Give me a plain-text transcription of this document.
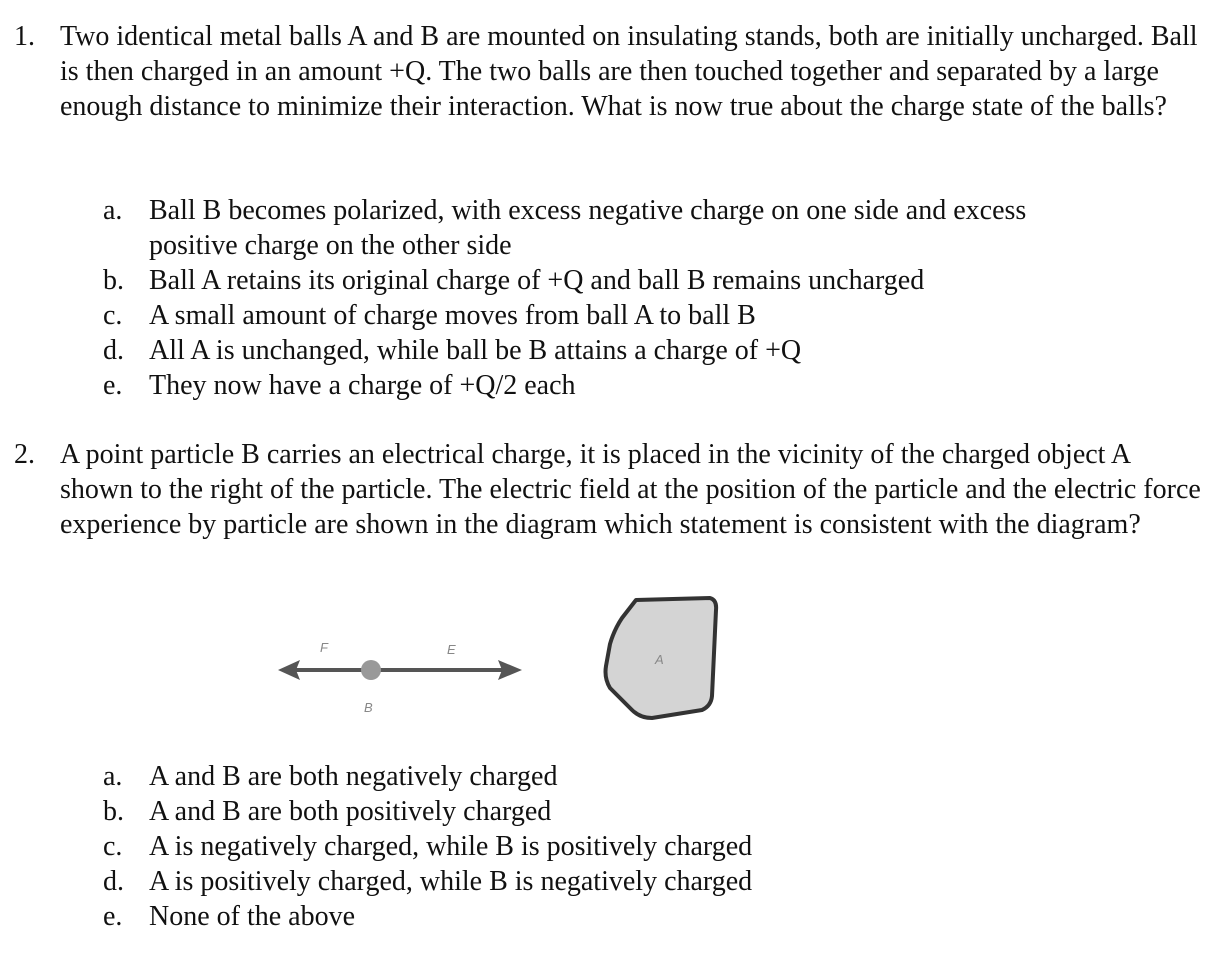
1. Two identical metal balls A and B are mounted on insulating stands, both are initially uncharged. Ball is then charged in an amount +Q. The two balls are then touched together and separated by a large enough distance to minimize their interaction. What is now true about the charge state of the balls?
a. Ball B becomes polarized, with excess negative charge on one side and excess positive charge on the other side
b. Ball A retains its original charge of +Q and ball B remains uncharged
c. A small amount of charge moves from ball A to ball B
d. All A is unchanged, while ball be B attains a charge of +Q
e. They now have a charge of +Q/2 each
2. A point particle B carries an electrical charge, it is placed in the vicinity of the charged object A shown to the right of the particle. The electric field at the position of the particle and the electric force experience by particle are shown in the diagram which statement is consistent with the diagram?
F	E
B
A
a. A and B are both negatively charged
b. A and B are both positively charged
c. A is negatively charged, while B is positively charged
d. A is positively charged, while B is negatively charged
e. None of the above
